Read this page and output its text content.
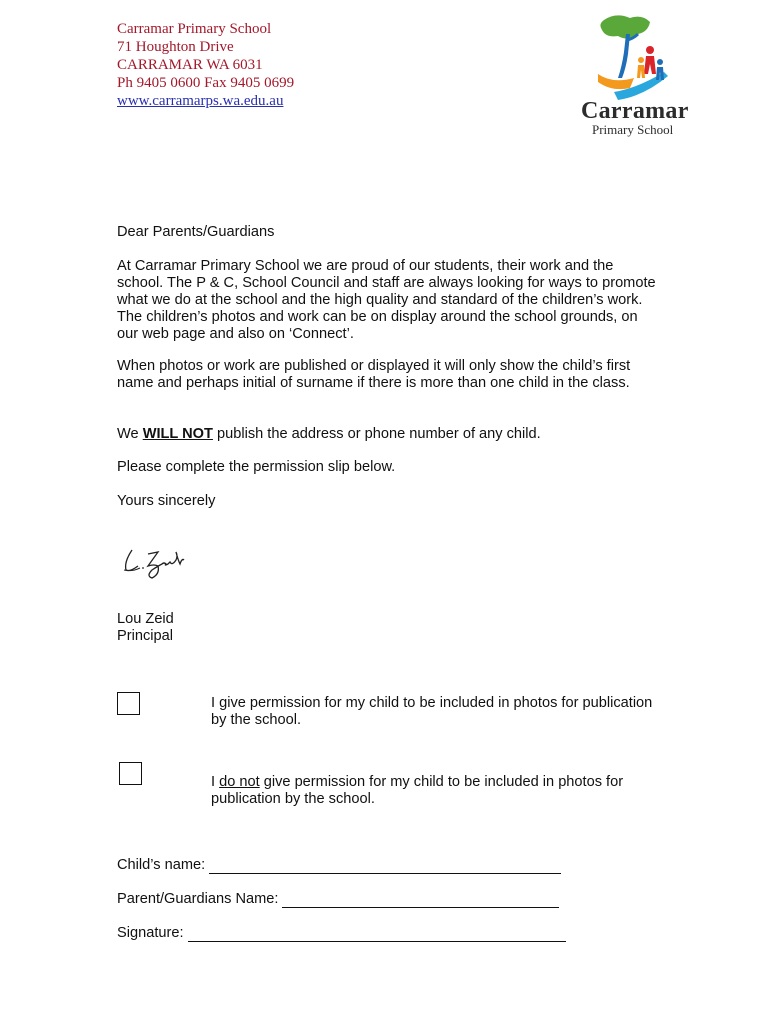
Carramar Primary School
71 Houghton Drive
CARRAMAR WA 6031
Ph 9405 0600 Fax 9405 0699
www.carramarps.wa.edu.au	Carramar
Primary School
Dear Parents/Guardians
At Carramar Primary School we are proud of our students, their work and the school. The P & C, School Council and staff are always looking for ways to promote what we do at the school and the high quality and standard of the children’s work. The children’s photos and work can be on display around the school grounds, on our web page and also on ‘Connect’.
When photos or work are published or displayed it will only show the child’s first name and perhaps initial of surname if there is more than one child in the class.
We WILL NOT publish the address or phone number of any child.
Please complete the permission slip below.
Yours sincerely
Lou Zeid
Principal
I give permission for my child to be included in photos for publication by the school.
I do not give permission for my child to be included in photos for publication by the school.
Child’s name:
Parent/Guardians Name:
Signature:
